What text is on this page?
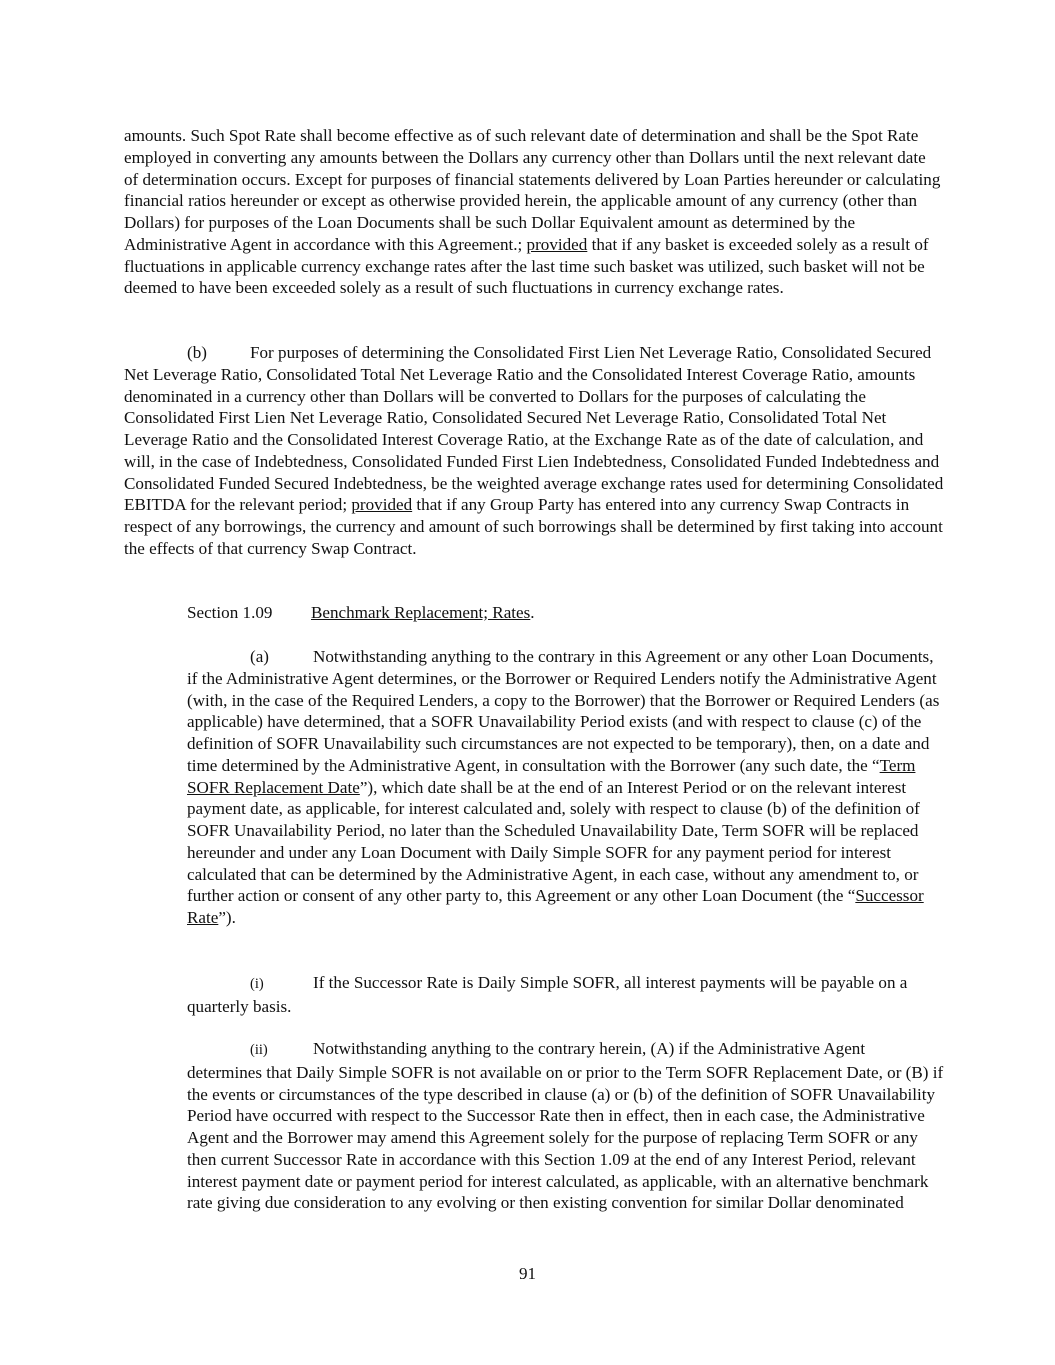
amounts. Such Spot Rate shall become effective as of such relevant date of determination and shall be the Spot Rate employed in converting any amounts between the Dollars any currency other than Dollars until the next relevant date of determination occurs. Except for purposes of financial statements delivered by Loan Parties hereunder or calculating financial ratios hereunder or except as otherwise provided herein, the applicable amount of any currency (other than Dollars) for purposes of the Loan Documents shall be such Dollar Equivalent amount as determined by the Administrative Agent in accordance with this Agreement.; provided that if any basket is exceeded solely as a result of fluctuations in applicable currency exchange rates after the last time such basket was utilized, such basket will not be deemed to have been exceeded solely as a result of such fluctuations in currency exchange rates.

(b)	For purposes of determining the Consolidated First Lien Net Leverage Ratio, Consolidated Secured Net Leverage Ratio, Consolidated Total Net Leverage Ratio and the Consolidated Interest Coverage Ratio, amounts denominated in a currency other than Dollars will be converted to Dollars for the purposes of calculating the Consolidated First Lien Net Leverage Ratio, Consolidated Secured Net Leverage Ratio, Consolidated Total Net Leverage Ratio and the Consolidated Interest Coverage Ratio, at the Exchange Rate as of the date of calculation, and will, in the case of Indebtedness, Consolidated Funded First Lien Indebtedness, Consolidated Funded Indebtedness and Consolidated Funded Secured Indebtedness, be the weighted average exchange rates used for determining Consolidated EBITDA for the relevant period; provided that if any Group Party has entered into any currency Swap Contracts in respect of any borrowings, the currency and amount of such borrowings shall be determined by first taking into account the effects of that currency Swap Contract.

Section 1.09 Benchmark Replacement; Rates.

(a)	Notwithstanding anything to the contrary in this Agreement or any other Loan Documents, if the Administrative Agent determines, or the Borrower or Required Lenders notify the Administrative Agent (with, in the case of the Required Lenders, a copy to the Borrower) that the Borrower or Required Lenders (as applicable) have determined, that a SOFR Unavailability Period exists (and with respect to clause (c) of the definition of SOFR Unavailability such circumstances are not expected to be temporary), then, on a date and time determined by the Administrative Agent, in consultation with the Borrower (any such date, the “Term SOFR Replacement Date”), which date shall be at the end of an Interest Period or on the relevant interest payment date, as applicable, for interest calculated and, solely with respect to clause (b) of the definition of SOFR Unavailability Period, no later than the Scheduled Unavailability Date, Term SOFR will be replaced hereunder and under any Loan Document with Daily Simple SOFR for any payment period for interest calculated that can be determined by the Administrative Agent, in each case, without any amendment to, or further action or consent of any other party to, this Agreement or any other Loan Document (the “Successor Rate”).

(i)	If the Successor Rate is Daily Simple SOFR, all interest payments will be payable on a quarterly basis.

(ii)	Notwithstanding anything to the contrary herein, (A) if the Administrative Agent determines that Daily Simple SOFR is not available on or prior to the Term SOFR Replacement Date, or (B) if the events or circumstances of the type described in clause (a) or (b) of the definition of SOFR Unavailability Period have occurred with respect to the Successor Rate then in effect, then in each case, the Administrative Agent and the Borrower may amend this Agreement solely for the purpose of replacing Term SOFR or any then current Successor Rate in accordance with this Section 1.09 at the end of any Interest Period, relevant interest payment date or payment period for interest calculated, as applicable, with an alternative benchmark rate giving due consideration to any evolving or then existing convention for similar Dollar denominated

91
